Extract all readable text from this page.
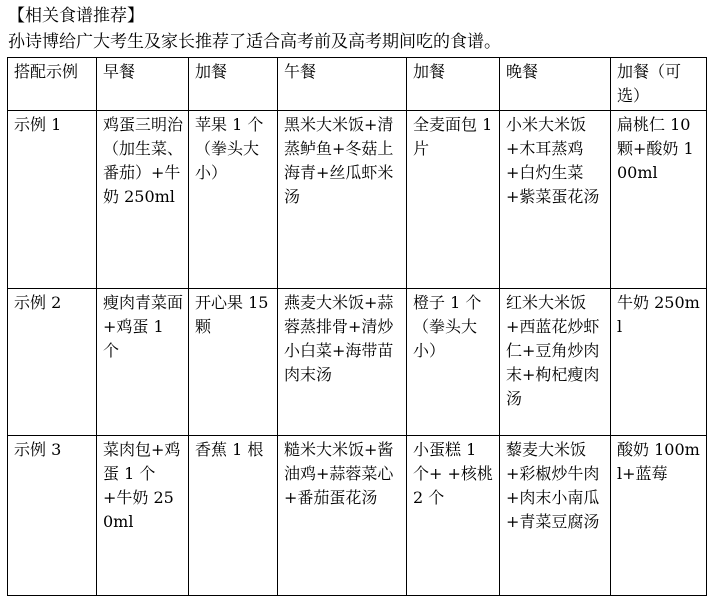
【相关食谱推荐】
孙诗博给广大考生及家长推荐了适合高考前及高考期间吃的食谱。
搭配示例	早餐	加餐	午餐	加餐	晚餐	加餐（可选）
示例 1	鸡蛋三明治（加生菜、番茄）+牛奶 250ml	苹果 1 个（拳头大小）	黑米大米饭+清蒸鲈鱼+冬菇上海青+丝瓜虾米汤	全麦面包 1 片	小米大米饭+木耳蒸鸡+白灼生菜+紫菜蛋花汤	扁桃仁 10 颗+酸奶 100ml
示例 2	瘦肉青菜面+鸡蛋 1 个	开心果 15 颗	燕麦大米饭+蒜蓉蒸排骨+清炒小白菜+海带苗肉末汤	橙子 1 个（拳头大小）	红米大米饭+西蓝花炒虾仁+豆角炒肉末+枸杞瘦肉汤	牛奶 250ml
示例 3	菜肉包+鸡蛋 1 个+牛奶 250ml	香蕉 1 根	糙米大米饭+酱油鸡+蒜蓉菜心+番茄蛋花汤	小蛋糕 1 个+ +核桃 2 个	藜麦大米饭+彩椒炒牛肉+肉末小南瓜+青菜豆腐汤	酸奶 100ml+蓝莓
